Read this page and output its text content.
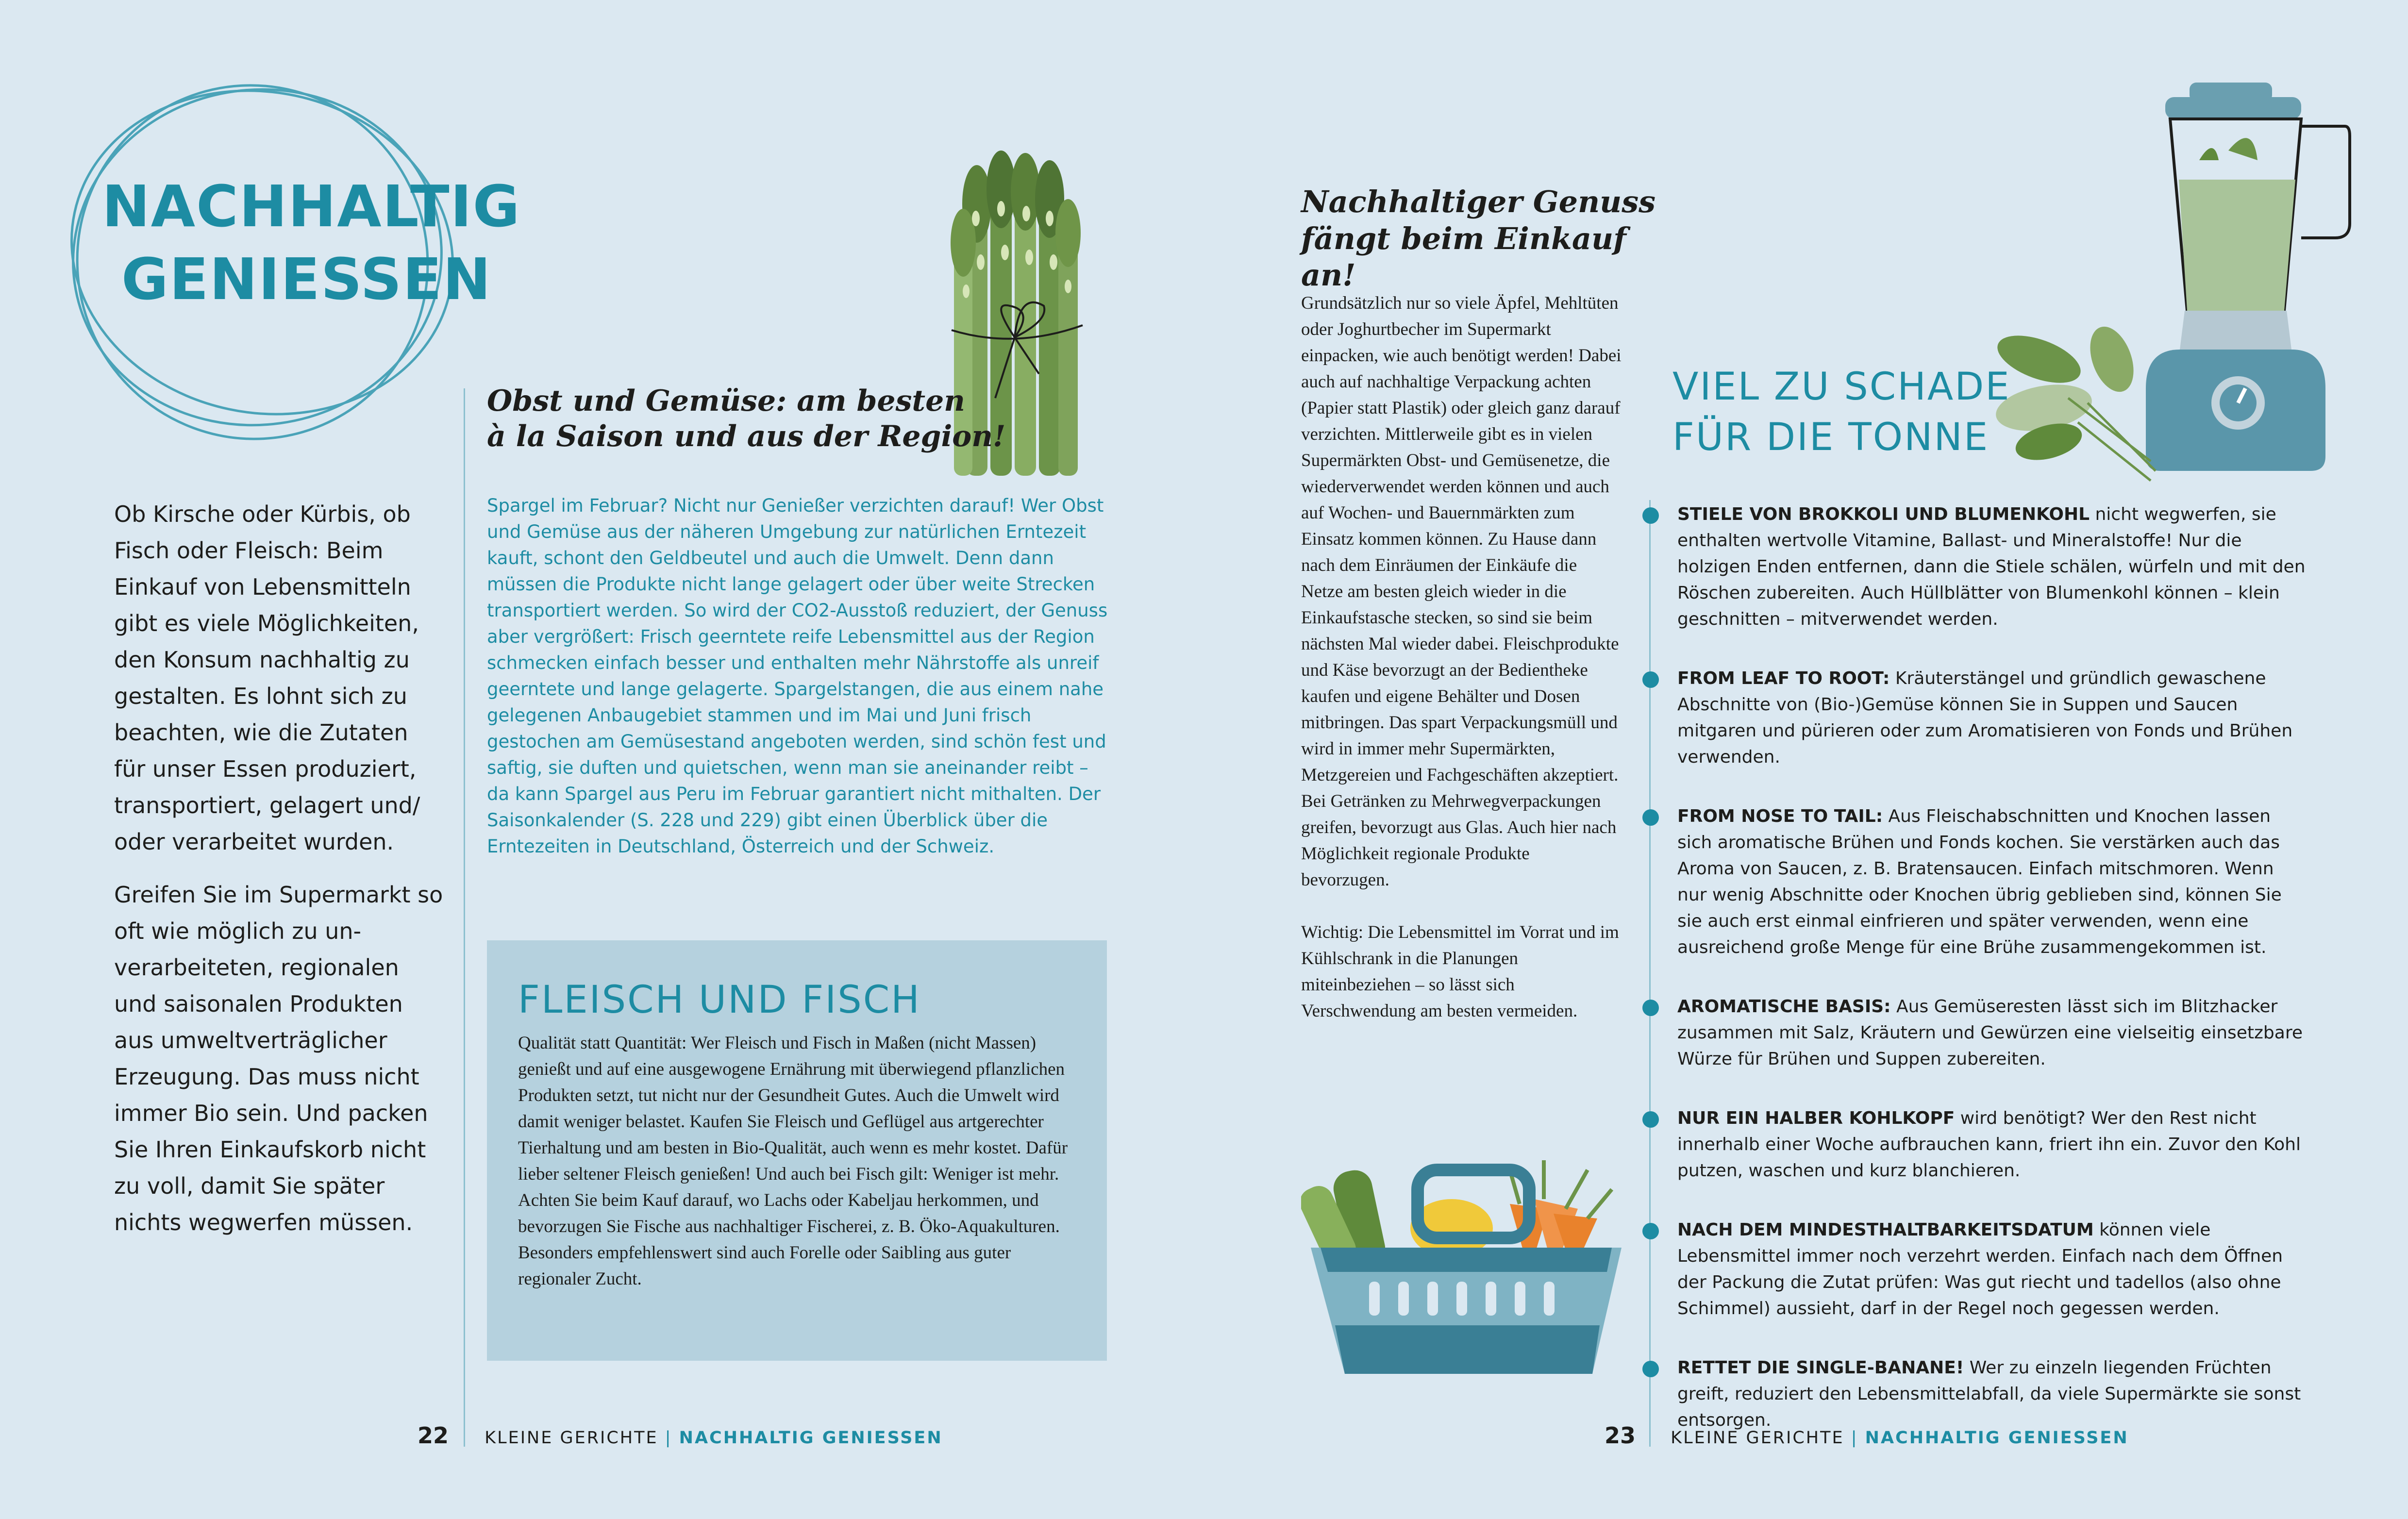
NACHHALTIG
GENIESSEN

Ob Kirsche oder Kürbis, ob Fisch oder Fleisch: Beim Einkauf von Lebensmitteln gibt es viele Möglichkeiten, den Konsum nachhaltig zu gestalten. Es lohnt sich zu beachten, wie die Zutaten für unser Essen produziert, transportiert, gelagert und/ oder verarbeitet wurden.

Greifen Sie im Supermarkt so oft wie möglich zu unverarbeiteten, regionalen und saisonalen Produkten aus umweltverträglicher Erzeugung. Das muss nicht immer Bio sein. Und packen Sie Ihren Einkaufskorb nicht zu voll, damit Sie später nichts wegwerfen müssen.

Obst und Gemüse: am besten
à la Saison und aus der Region!

Spargel im Februar? Nicht nur Genießer verzichten darauf! Wer Obst und Gemüse aus der näheren Umgebung zur natürlichen Erntezeit kauft, schont den Geldbeutel und auch die Umwelt. Denn dann müssen die Produkte nicht lange gelagert oder über weite Strecken transportiert werden. So wird der CO2-Ausstoß reduziert, der Genuss aber vergrößert: Frisch geerntete reife Lebensmittel aus der Region schmecken einfach besser und enthalten mehr Nährstoffe als unreif geerntete und lange gelagerte. Spargelstangen, die aus einem nahe gelegenen Anbaugebiet stammen und im Mai und Juni frisch gestochen am Gemüsestand angeboten werden, sind schön fest und saftig, sie duften und quietschen, wenn man sie aneinander reibt – da kann Spargel aus Peru im Februar garantiert nicht mithalten. Der Saisonkalender (S. 228 und 229) gibt einen Überblick über die Erntezeiten in Deutschland, Österreich und der Schweiz.

FLEISCH UND FISCH

Qualität statt Quantität: Wer Fleisch und Fisch in Maßen (nicht Massen) genießt und auf eine ausgewogene Ernährung mit überwiegend pflanzlichen Produkten setzt, tut nicht nur der Gesundheit Gutes. Auch die Umwelt wird damit weniger belastet. Kaufen Sie Fleisch und Geflügel aus artgerechter Tierhaltung und am besten in Bio-Qualität, auch wenn es mehr kostet. Dafür lieber seltener Fleisch genießen! Und auch bei Fisch gilt: Weniger ist mehr. Achten Sie beim Kauf darauf, wo Lachs oder Kabeljau herkommen, und bevorzugen Sie Fische aus nachhaltiger Fischerei, z. B. Öko-Aquakulturen. Besonders empfehlenswert sind auch Forelle oder Saibling aus guter regionaler Zucht.

22 KLEINE GERICHTE | NACHHALTIG GENIESSEN
Nachhaltiger Genuss
fängt beim Einkauf an!

Grundsätzlich nur so viele Äpfel, Mehltüten oder Joghurtbecher im Supermarkt einpacken, wie auch benötigt werden! Dabei auch auf nachhaltige Verpackung achten (Papier statt Plastik) oder gleich ganz darauf verzichten. Mittlerweile gibt es in vielen Supermärkten Obst- und Gemüsenetze, die wiederverwendet werden können und auch auf Wochen- und Bauernmärkten zum Einsatz kommen können. Zu Hause dann nach dem Einräumen der Einkäufe die Netze am besten gleich wieder in die Einkaufstasche stecken, so sind sie beim nächsten Mal wieder dabei. Fleischprodukte und Käse bevorzugt an der Bedientheke kaufen und eigene Behälter und Dosen mitbringen. Das spart Verpackungsmüll und wird in immer mehr Supermärkten, Metzgereien und Fachgeschäften akzeptiert. Bei Getränken zu Mehrwegverpackungen greifen, bevorzugt aus Glas. Auch hier nach Möglichkeit regionale Produkte bevorzugen.

Wichtig: Die Lebensmittel im Vorrat und im Kühlschrank in die Planungen miteinbeziehen – so lässt sich Verschwendung am besten vermeiden.

VIEL ZU SCHADE
FÜR DIE TONNE
STIELE VON BROKKOLI UND BLUMENKOHL nicht wegwerfen, sie enthalten wertvolle Vitamine, Ballast- und Mineralstoffe! Nur die holzigen Enden entfernen, dann die Stiele schälen, würfeln und mit den Röschen zubereiten. Auch Hüllblätter von Blumenkohl können – klein geschnitten – mitverwendet werden.
FROM LEAF TO ROOT: Kräuterstängel und gründlich gewaschene Abschnitte von (Bio-)Gemüse können Sie in Suppen und Saucen mitgaren und pürieren oder zum Aromatisieren von Fonds und Brühen verwenden.
FROM NOSE TO TAIL: Aus Fleischabschnitten und Knochen lassen sich aromatische Brühen und Fonds kochen. Sie verstärken auch das Aroma von Saucen, z. B. Bratensaucen. Einfach mitschmoren. Wenn nur wenig Abschnitte oder Knochen übrig geblieben sind, können Sie sie auch erst einmal einfrieren und später verwenden, wenn eine ausreichend große Menge für eine Brühe zusammengekommen ist.
AROMATISCHE BASIS: Aus Gemüseresten lässt sich im Blitzhacker zusammen mit Salz, Kräutern und Gewürzen eine vielseitig einsetzbare Würze für Brühen und Suppen zubereiten.
NUR EIN HALBER KOHLKOPF wird benötigt? Wer den Rest nicht innerhalb einer Woche aufbrauchen kann, friert ihn ein. Zuvor den Kohl putzen, waschen und kurz blanchieren.
NACH DEM MINDESTHALTBARKEITSDATUM können viele Lebensmittel immer noch verzehrt werden. Einfach nach dem Öffnen der Packung die Zutat prüfen: Was gut riecht und tadellos (also ohne Schimmel) aussieht, darf in der Regel noch gegessen werden.
RETTET DIE SINGLE-BANANE! Wer zu einzeln liegenden Früchten greift, reduziert den Lebensmittelabfall, da viele Supermärkte sie sonst entsorgen.
23 KLEINE GERICHTE | NACHHALTIG GENIESSEN
